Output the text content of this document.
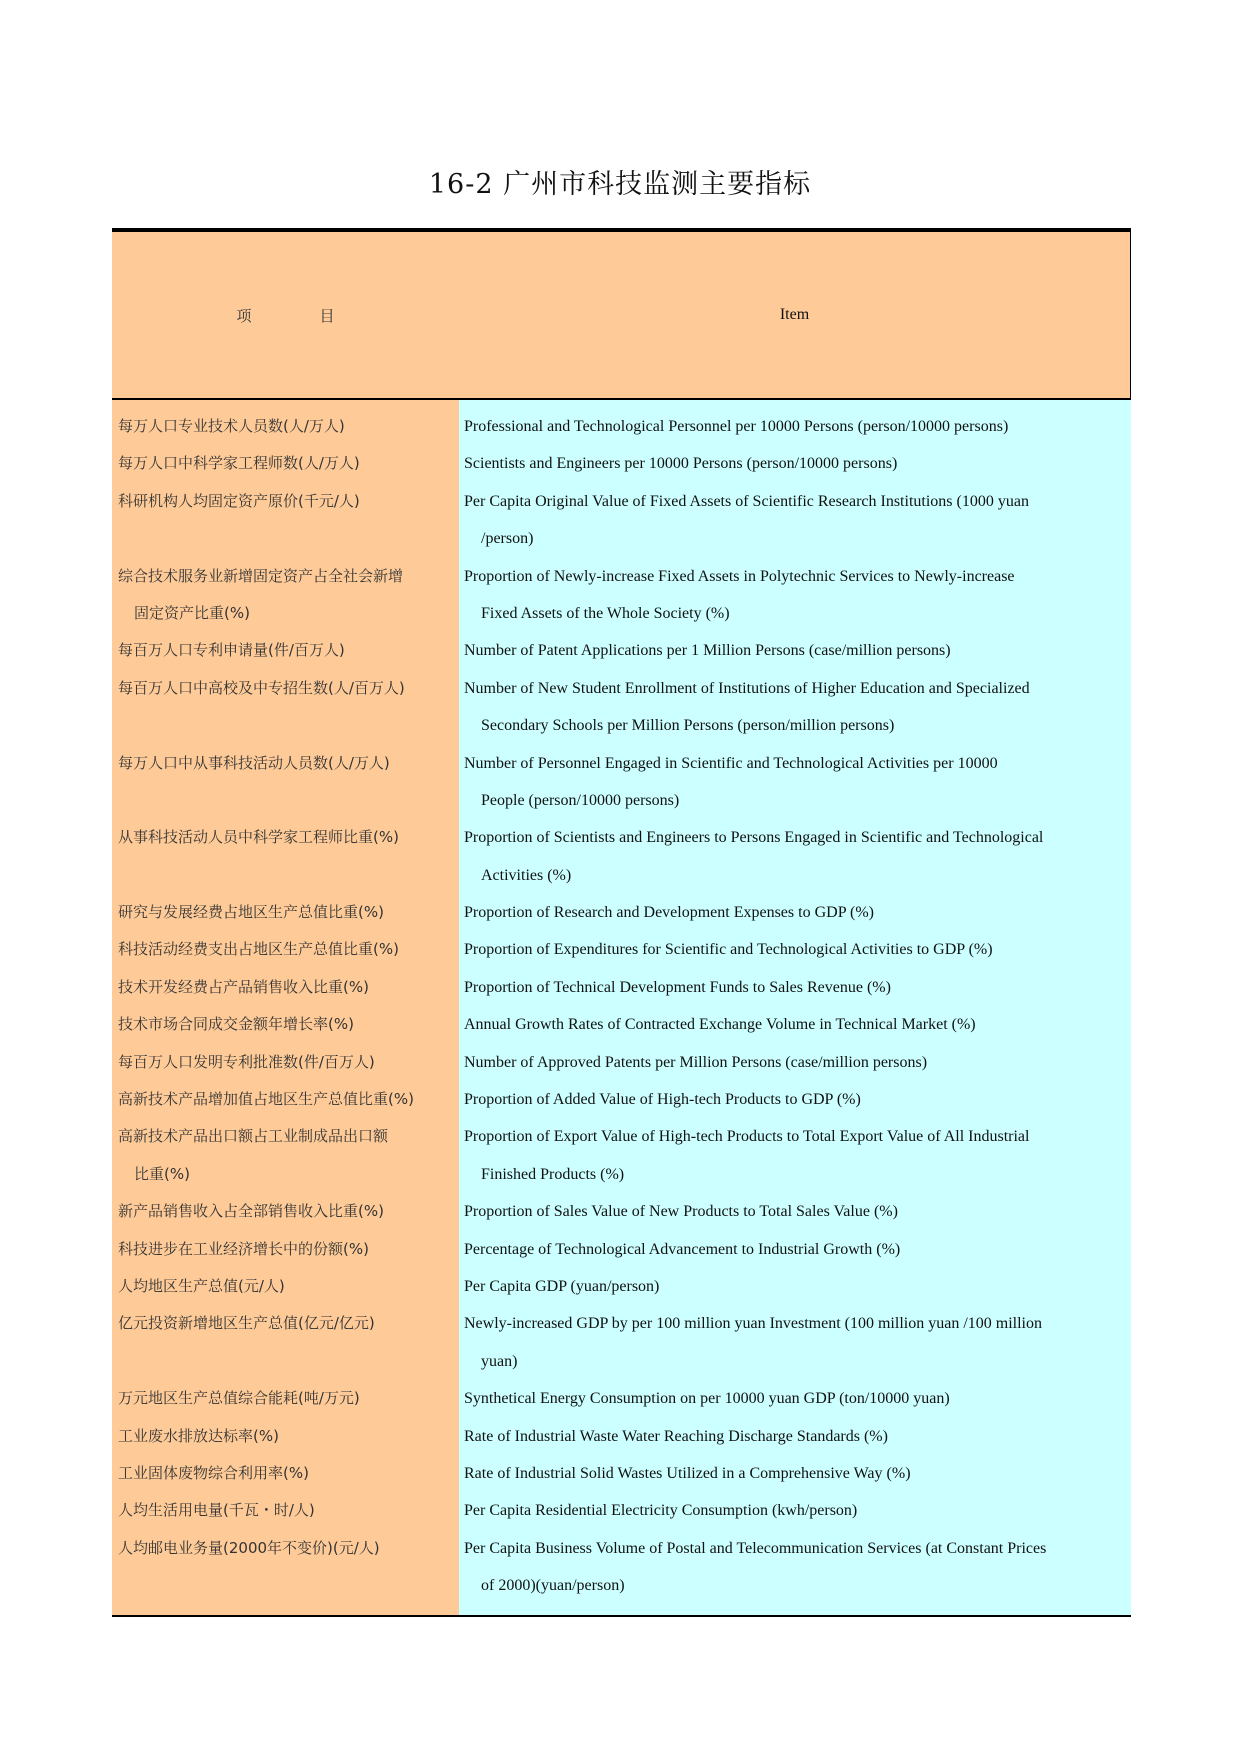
16-2 广州市科技监测主要指标
项	目	Item
每万人口专业技术人员数(人/万人)
每万人口中科学家工程师数(人/万人)
科研机构人均固定资产原价(千元/人)
综合技术服务业新增固定资产占全社会新增
固定资产比重(%)
每百万人口专利申请量(件/百万人)
每百万人口中高校及中专招生数(人/百万人)
每万人口中从事科技活动人员数(人/万人)
从事科技活动人员中科学家工程师比重(%)
研究与发展经费占地区生产总值比重(%)
科技活动经费支出占地区生产总值比重(%)
技术开发经费占产品销售收入比重(%)
技术市场合同成交金额年增长率(%)
每百万人口发明专利批准数(件/百万人)
高新技术产品增加值占地区生产总值比重(%)
高新技术产品出口额占工业制成品出口额
比重(%)
新产品销售收入占全部销售收入比重(%)
科技进步在工业经济增长中的份额(%)
人均地区生产总值(元/人)
亿元投资新增地区生产总值(亿元/亿元)
万元地区生产总值综合能耗(吨/万元)
工业废水排放达标率(%)
工业固体废物综合利用率(%)
人均生活用电量(千瓦・时/人)
人均邮电业务量(2000年不变价)(元/人)
Professional and Technological Personnel per 10000 Persons (person/10000 persons)
Scientists and Engineers per 10000 Persons (person/10000 persons)
Per Capita Original Value of Fixed Assets of Scientific Research Institutions (1000 yuan
/person)
Proportion of Newly-increase Fixed Assets in Polytechnic Services to Newly-increase
Fixed Assets of the Whole Society (%)
Number of Patent Applications per 1 Million Persons (case/million persons)
Number of New Student Enrollment of Institutions of Higher Education and Specialized
Secondary Schools per Million Persons (person/million persons)
Number of Personnel Engaged in Scientific and Technological Activities per 10000
People (person/10000 persons)
Proportion of Scientists and Engineers to Persons Engaged in Scientific and Technological
Activities (%)
Proportion of Research and Development Expenses to GDP (%)
Proportion of Expenditures for Scientific and Technological Activities to GDP (%)
Proportion of Technical Development Funds to Sales Revenue (%)
Annual Growth Rates of Contracted Exchange Volume in Technical Market (%)
Number of Approved Patents per Million Persons (case/million persons)
Proportion of Added Value of High-tech Products to GDP (%)
Proportion of Export Value of High-tech Products to Total Export Value of All Industrial
Finished Products (%)
Proportion of Sales Value of New Products to Total Sales Value (%)
Percentage of Technological Advancement to Industrial Growth (%)
Per Capita GDP (yuan/person)
Newly-increased GDP by per 100 million yuan Investment (100 million yuan /100 million
yuan)
Synthetical Energy Consumption on per 10000 yuan GDP (ton/10000 yuan)
Rate of Industrial Waste Water Reaching Discharge Standards (%)
Rate of Industrial Solid Wastes Utilized in a Comprehensive Way (%)
Per Capita Residential Electricity Consumption (kwh/person)
Per Capita Business Volume of Postal and Telecommunication Services (at Constant Prices
of 2000)(yuan/person)
